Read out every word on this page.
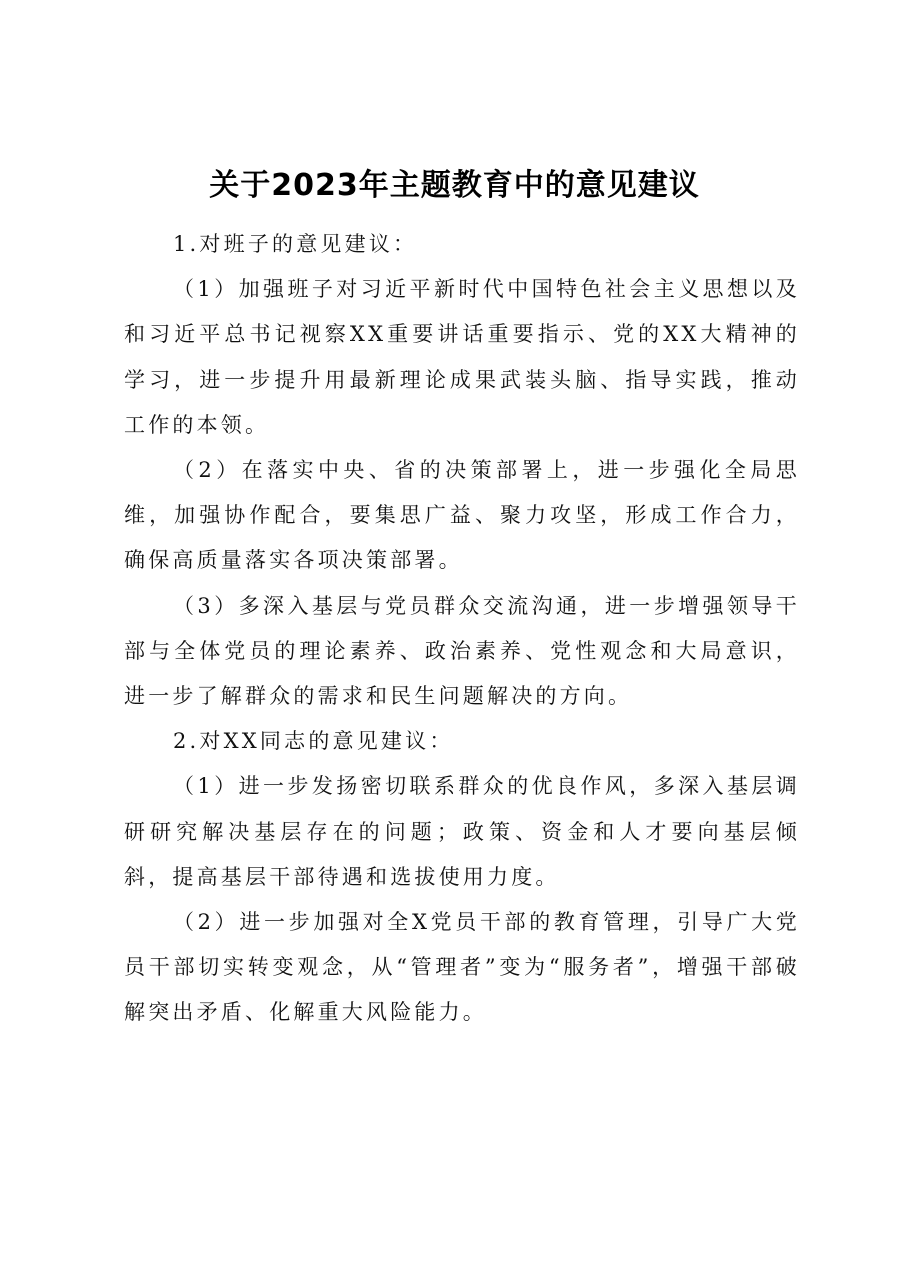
关于2023年主题教育中的意见建议

1.对班子的意见建议：

（1）加强班子对习近平新时代中国特色社会主义思想以及和习近平总书记视察XX重要讲话重要指示、党的XX大精神的学习，进一步提升用最新理论成果武装头脑、指导实践，推动工作的本领。

（2）在落实中央、省的决策部署上，进一步强化全局思维，加强协作配合，要集思广益、聚力攻坚，形成工作合力，确保高质量落实各项决策部署。

（3）多深入基层与党员群众交流沟通，进一步增强领导干部与全体党员的理论素养、政治素养、党性观念和大局意识，进一步了解群众的需求和民生问题解决的方向。

2.对XX同志的意见建议：

（1）进一步发扬密切联系群众的优良作风，多深入基层调研研究解决基层存在的问题；政策、资金和人才要向基层倾斜，提高基层干部待遇和选拔使用力度。

（2）进一步加强对全X党员干部的教育管理，引导广大党员干部切实转变观念，从“管理者”变为“服务者”，增强干部破解突出矛盾、化解重大风险能力。
